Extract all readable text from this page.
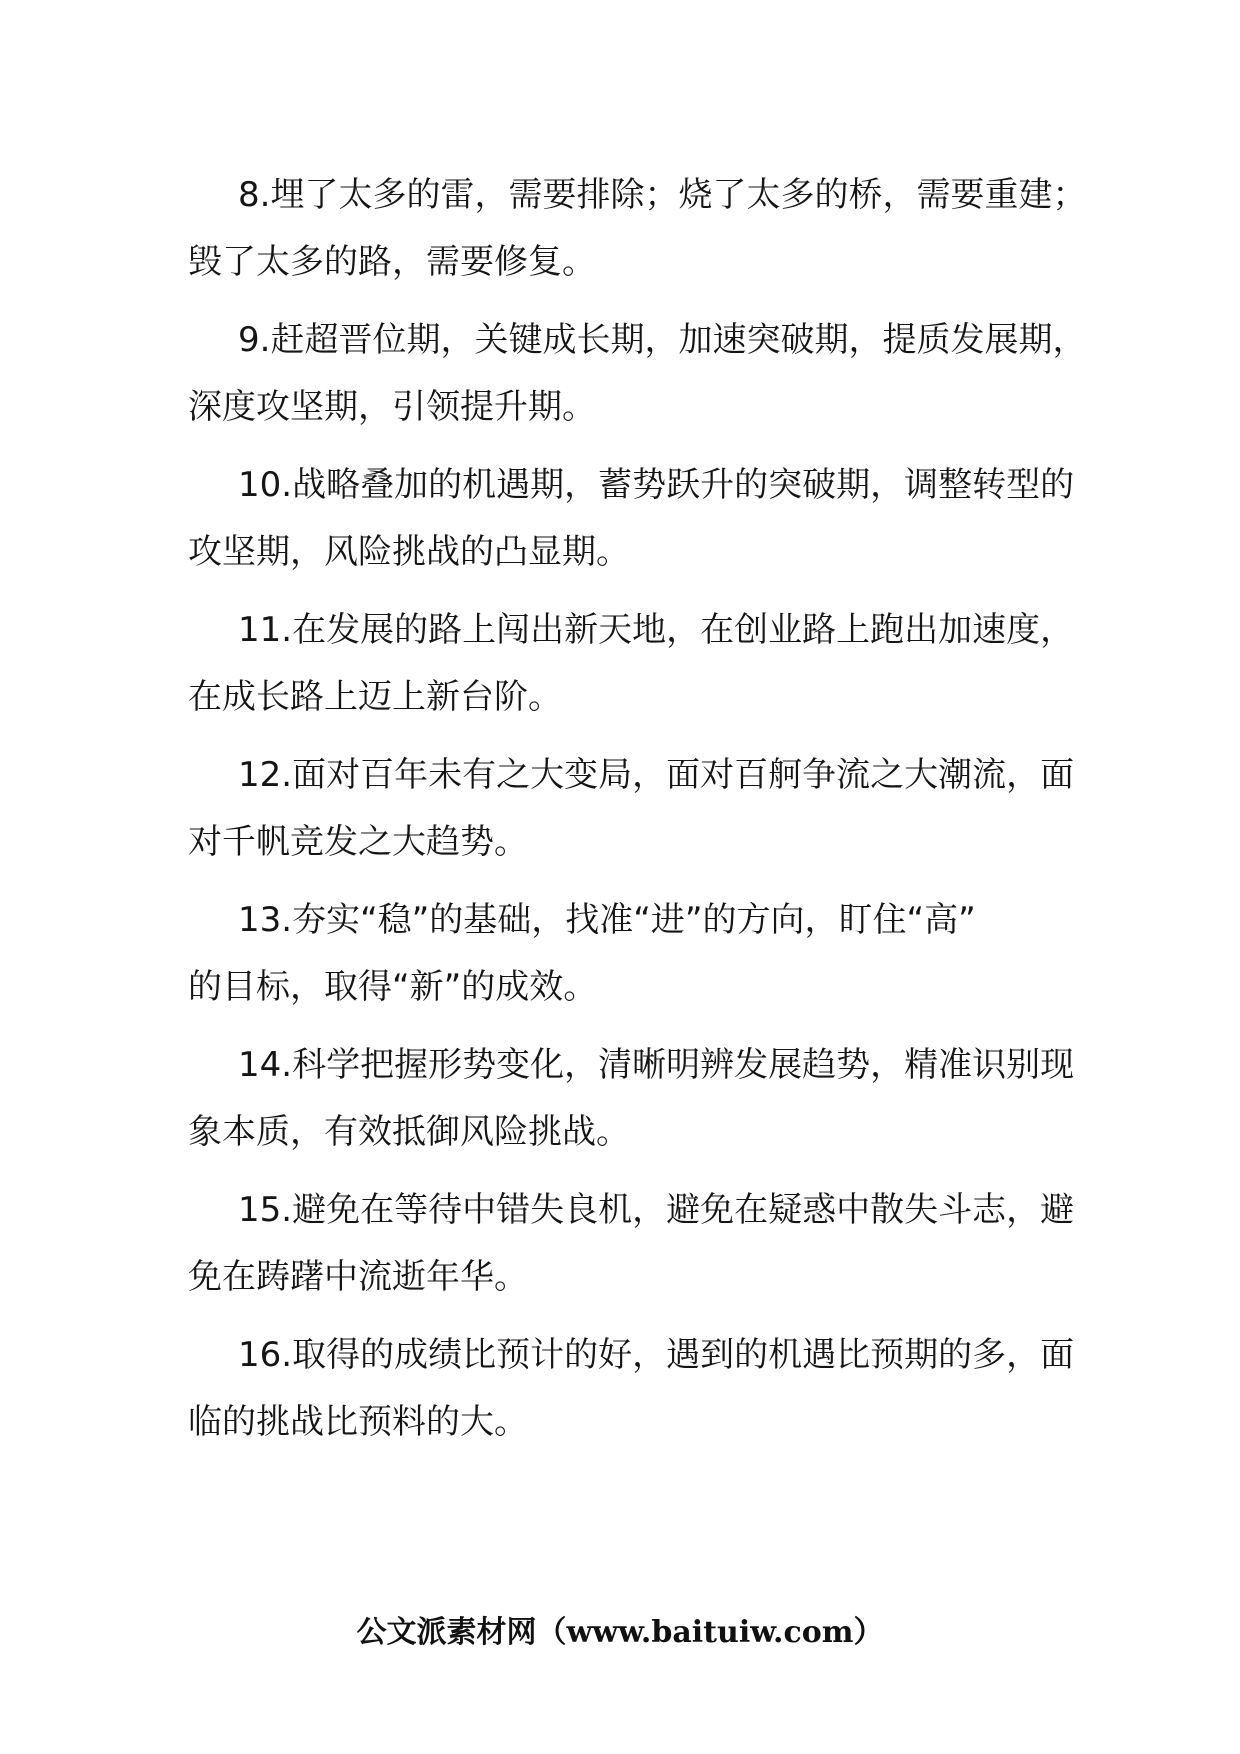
8.埋了太多的雷，需要排除；烧了太多的桥，需要重建；
毁了太多的路，需要修复。
9.赶超晋位期，关键成长期，加速突破期，提质发展期，
深度攻坚期，引领提升期。
10.战略叠加的机遇期，蓄势跃升的突破期，调整转型的
攻坚期，风险挑战的凸显期。
11.在发展的路上闯出新天地，在创业路上跑出加速度，
在成长路上迈上新台阶。
12.面对百年未有之大变局，面对百舸争流之大潮流，面
对千帆竞发之大趋势。
13.夯实“稳”的基础，找准“进”的方向，盯住“高”
的目标，取得“新”的成效。
14.科学把握形势变化，清晰明辨发展趋势，精准识别现
象本质，有效抵御风险挑战。
15.避免在等待中错失良机，避免在疑惑中散失斗志，避
免在踌躇中流逝年华。
16.取得的成绩比预计的好，遇到的机遇比预期的多，面
临的挑战比预料的大。
公文派素材网（www.baituiw.com）
